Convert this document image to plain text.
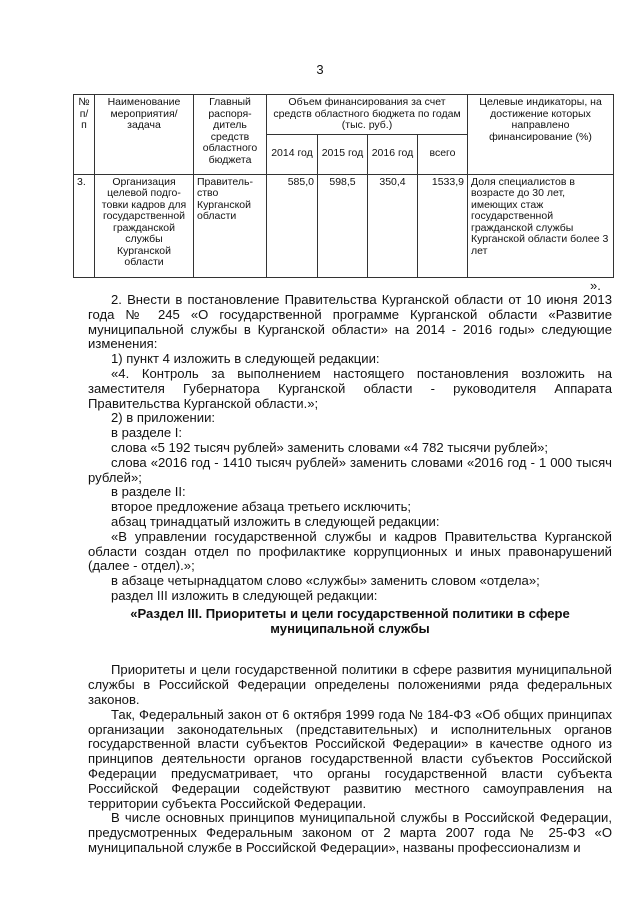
3
№ п/п	Наименование мероприятия/ задача	Главный распоря- дитель средств областного бюджета	Объем финансирования за счет средств областного бюджета по годам (тыс. руб.)				Целевые индикаторы, на достижение которых направлено финансирование (%)
			2014 год	2015 год	2016 год	всего	
3.	Организация целевой подго- товки кадров для государственной гражданской службы Курганской области	Правитель- ство Курганской области	585,0	598,5	350,4	1533,9	Доля специалистов в возрасте до 30 лет, имеющих стаж государственной гражданской службы Курганской области более 3 лет
».

2. Внести в постановление Правительства Курганской области от 10 июня 2013 года № 245 «О государственной программе Курганской области «Развитие муниципальной службы в Курганской области» на 2014 - 2016 годы» следующие изменения:

1) пункт 4 изложить в следующей редакции:

«4. Контроль за выполнением настоящего постановления возложить на заместителя Губернатора Курганской области - руководителя Аппарата Правительства Курганской области.»;

2) в приложении:

в разделе I:

слова «5 192 тысяч рублей» заменить словами «4 782 тысячи рублей»;

слова «2016 год - 1410 тысяч рублей» заменить словами «2016 год - 1 000 тысяч рублей»;

в разделе II:

второе предложение абзаца третьего исключить;

абзац тринадцатый изложить в следующей редакции:

«В управлении государственной службы и кадров Правительства Курганской области создан отдел по профилактике коррупционных и иных правонарушений (далее - отдел).»;

в абзаце четырнадцатом слово «службы» заменить словом «отдела»;

раздел III изложить в следующей редакции:

«Раздел III. Приоритеты и цели государственной политики в сфере муниципальной службы

Приоритеты и цели государственной политики в сфере развития муниципальной службы в Российской Федерации определены положениями ряда федеральных законов.

Так, Федеральный закон от 6 октября 1999 года № 184-ФЗ «Об общих принципах организации законодательных (представительных) и исполнительных органов государственной власти субъектов Российской Федерации» в качестве одного из принципов деятельности органов государственной власти субъектов Российской Федерации предусматривает, что органы государственной власти субъекта Российской Федерации содействуют развитию местного самоуправления на территории субъекта Российской Федерации.

В числе основных принципов муниципальной службы в Российской Федерации, предусмотренных Федеральным законом от 2 марта 2007 года № 25-ФЗ «О муниципальной службе в Российской Федерации», названы профессионализм и
